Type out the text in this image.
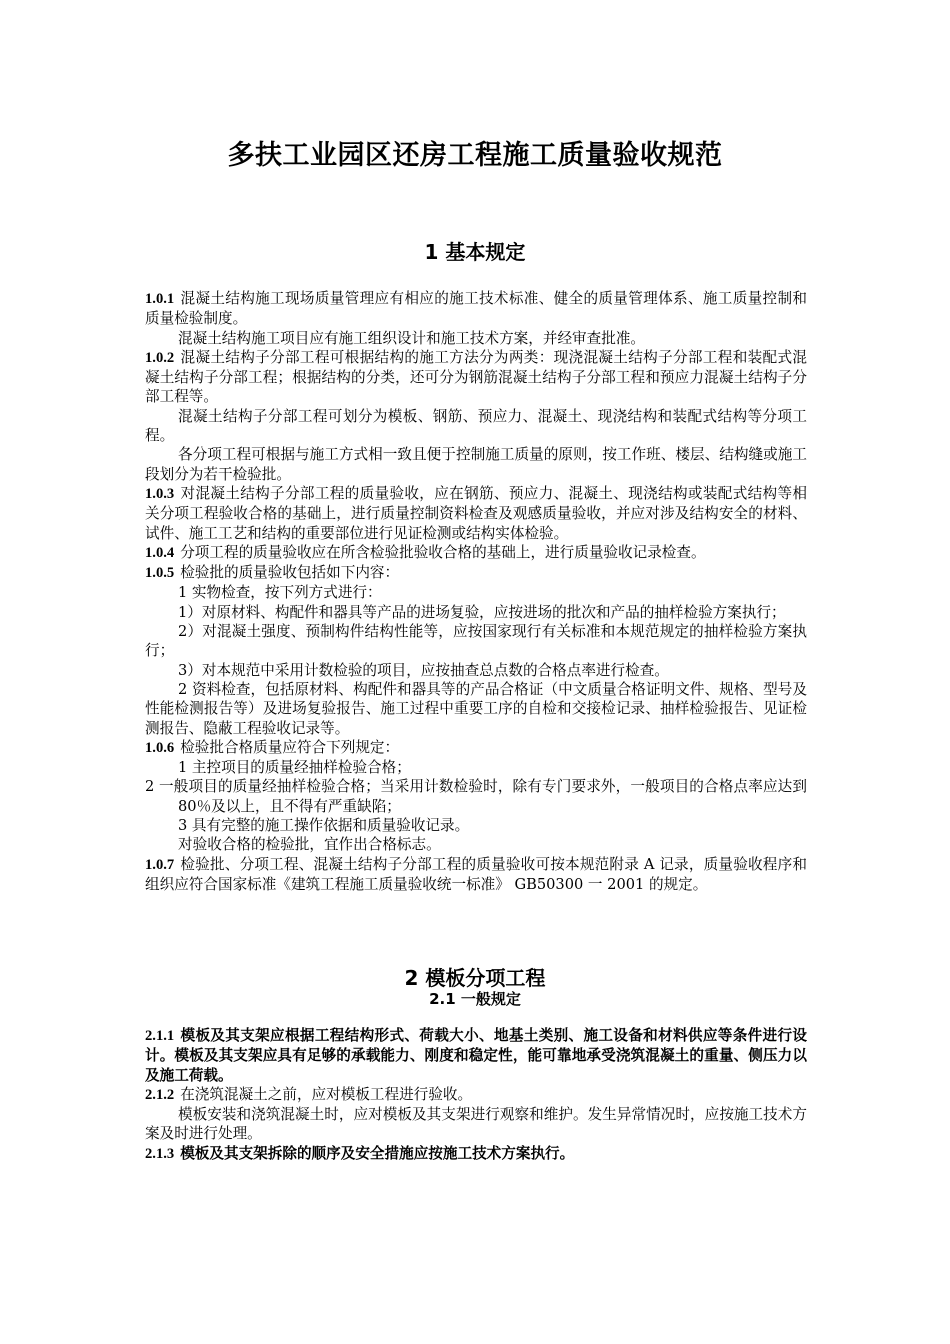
多扶工业园区还房工程施工质量验收规范
1 基本规定

1.0.1 混凝土结构施工现场质量管理应有相应的施工技术标准、健全的质量管理体系、施工质量控制和质量检验制度。

混凝土结构施工项目应有施工组织设计和施工技术方案，并经审查批准。

1.0.2 混凝土结构子分部工程可根据结构的施工方法分为两类：现浇混凝土结构子分部工程和装配式混凝土结构子分部工程；根据结构的分类，还可分为钢筋混凝土结构子分部工程和预应力混凝土结构子分部工程等。

混凝土结构子分部工程可划分为模板、钢筋、预应力、混凝土、现浇结构和装配式结构等分项工程。

各分项工程可根据与施工方式相一致且便于控制施工质量的原则，按工作班、楼层、结构缝或施工段划分为若干检验批。

1.0.3 对混凝土结构子分部工程的质量验收，应在钢筋、预应力、混凝土、现浇结构或装配式结构等相关分项工程验收合格的基础上，进行质量控制资料检查及观感质量验收，并应对涉及结构安全的材料、试件、施工工艺和结构的重要部位进行见证检测或结构实体检验。

1.0.4 分项工程的质量验收应在所含检验批验收合格的基础上，进行质量验收记录检查。

1.0.5 检验批的质量验收包括如下内容：

1 实物检查，按下列方式进行：

1）对原材料、构配件和器具等产品的进场复验，应按进场的批次和产品的抽样检验方案执行；

2）对混凝土强度、预制构件结构性能等，应按国家现行有关标准和本规范规定的抽样检验方案执行；

3）对本规范中采用计数检验的项目，应按抽查总点数的合格点率进行检查。

2 资料检查，包括原材料、构配件和器具等的产品合格证（中文质量合格证明文件、规格、型号及性能检测报告等）及进场复验报告、施工过程中重要工序的自检和交接检记录、抽样检验报告、见证检测报告、隐蔽工程验收记录等。

1.0.6 检验批合格质量应符合下列规定：

1 主控项目的质量经抽样检验合格；

2 一般项目的质量经抽样检验合格；当采用计数检验时，除有专门要求外，一般项目的合格点率应达到 80％及以上，且不得有严重缺陷；

3 具有完整的施工操作依据和质量验收记录。

对验收合格的检验批，宜作出合格标志。

1.0.7 检验批、分项工程、混凝土结构子分部工程的质量验收可按本规范附录 A 记录，质量验收程序和组织应符合国家标准《建筑工程施工质量验收统一标准》 GB50300 一 2001 的规定。

2 模板分项工程
2.1 一般规定

2.1.1 模板及其支架应根据工程结构形式、荷载大小、地基土类别、施工设备和材料供应等条件进行设计。模板及其支架应具有足够的承载能力、刚度和稳定性，能可靠地承受浇筑混凝土的重量、侧压力以及施工荷载。

2.1.2 在浇筑混凝土之前，应对模板工程进行验收。

模板安装和浇筑混凝土时，应对模板及其支架进行观察和维护。发生异常情况时，应按施工技术方案及时进行处理。

2.1.3 模板及其支架拆除的顺序及安全措施应按施工技术方案执行。
